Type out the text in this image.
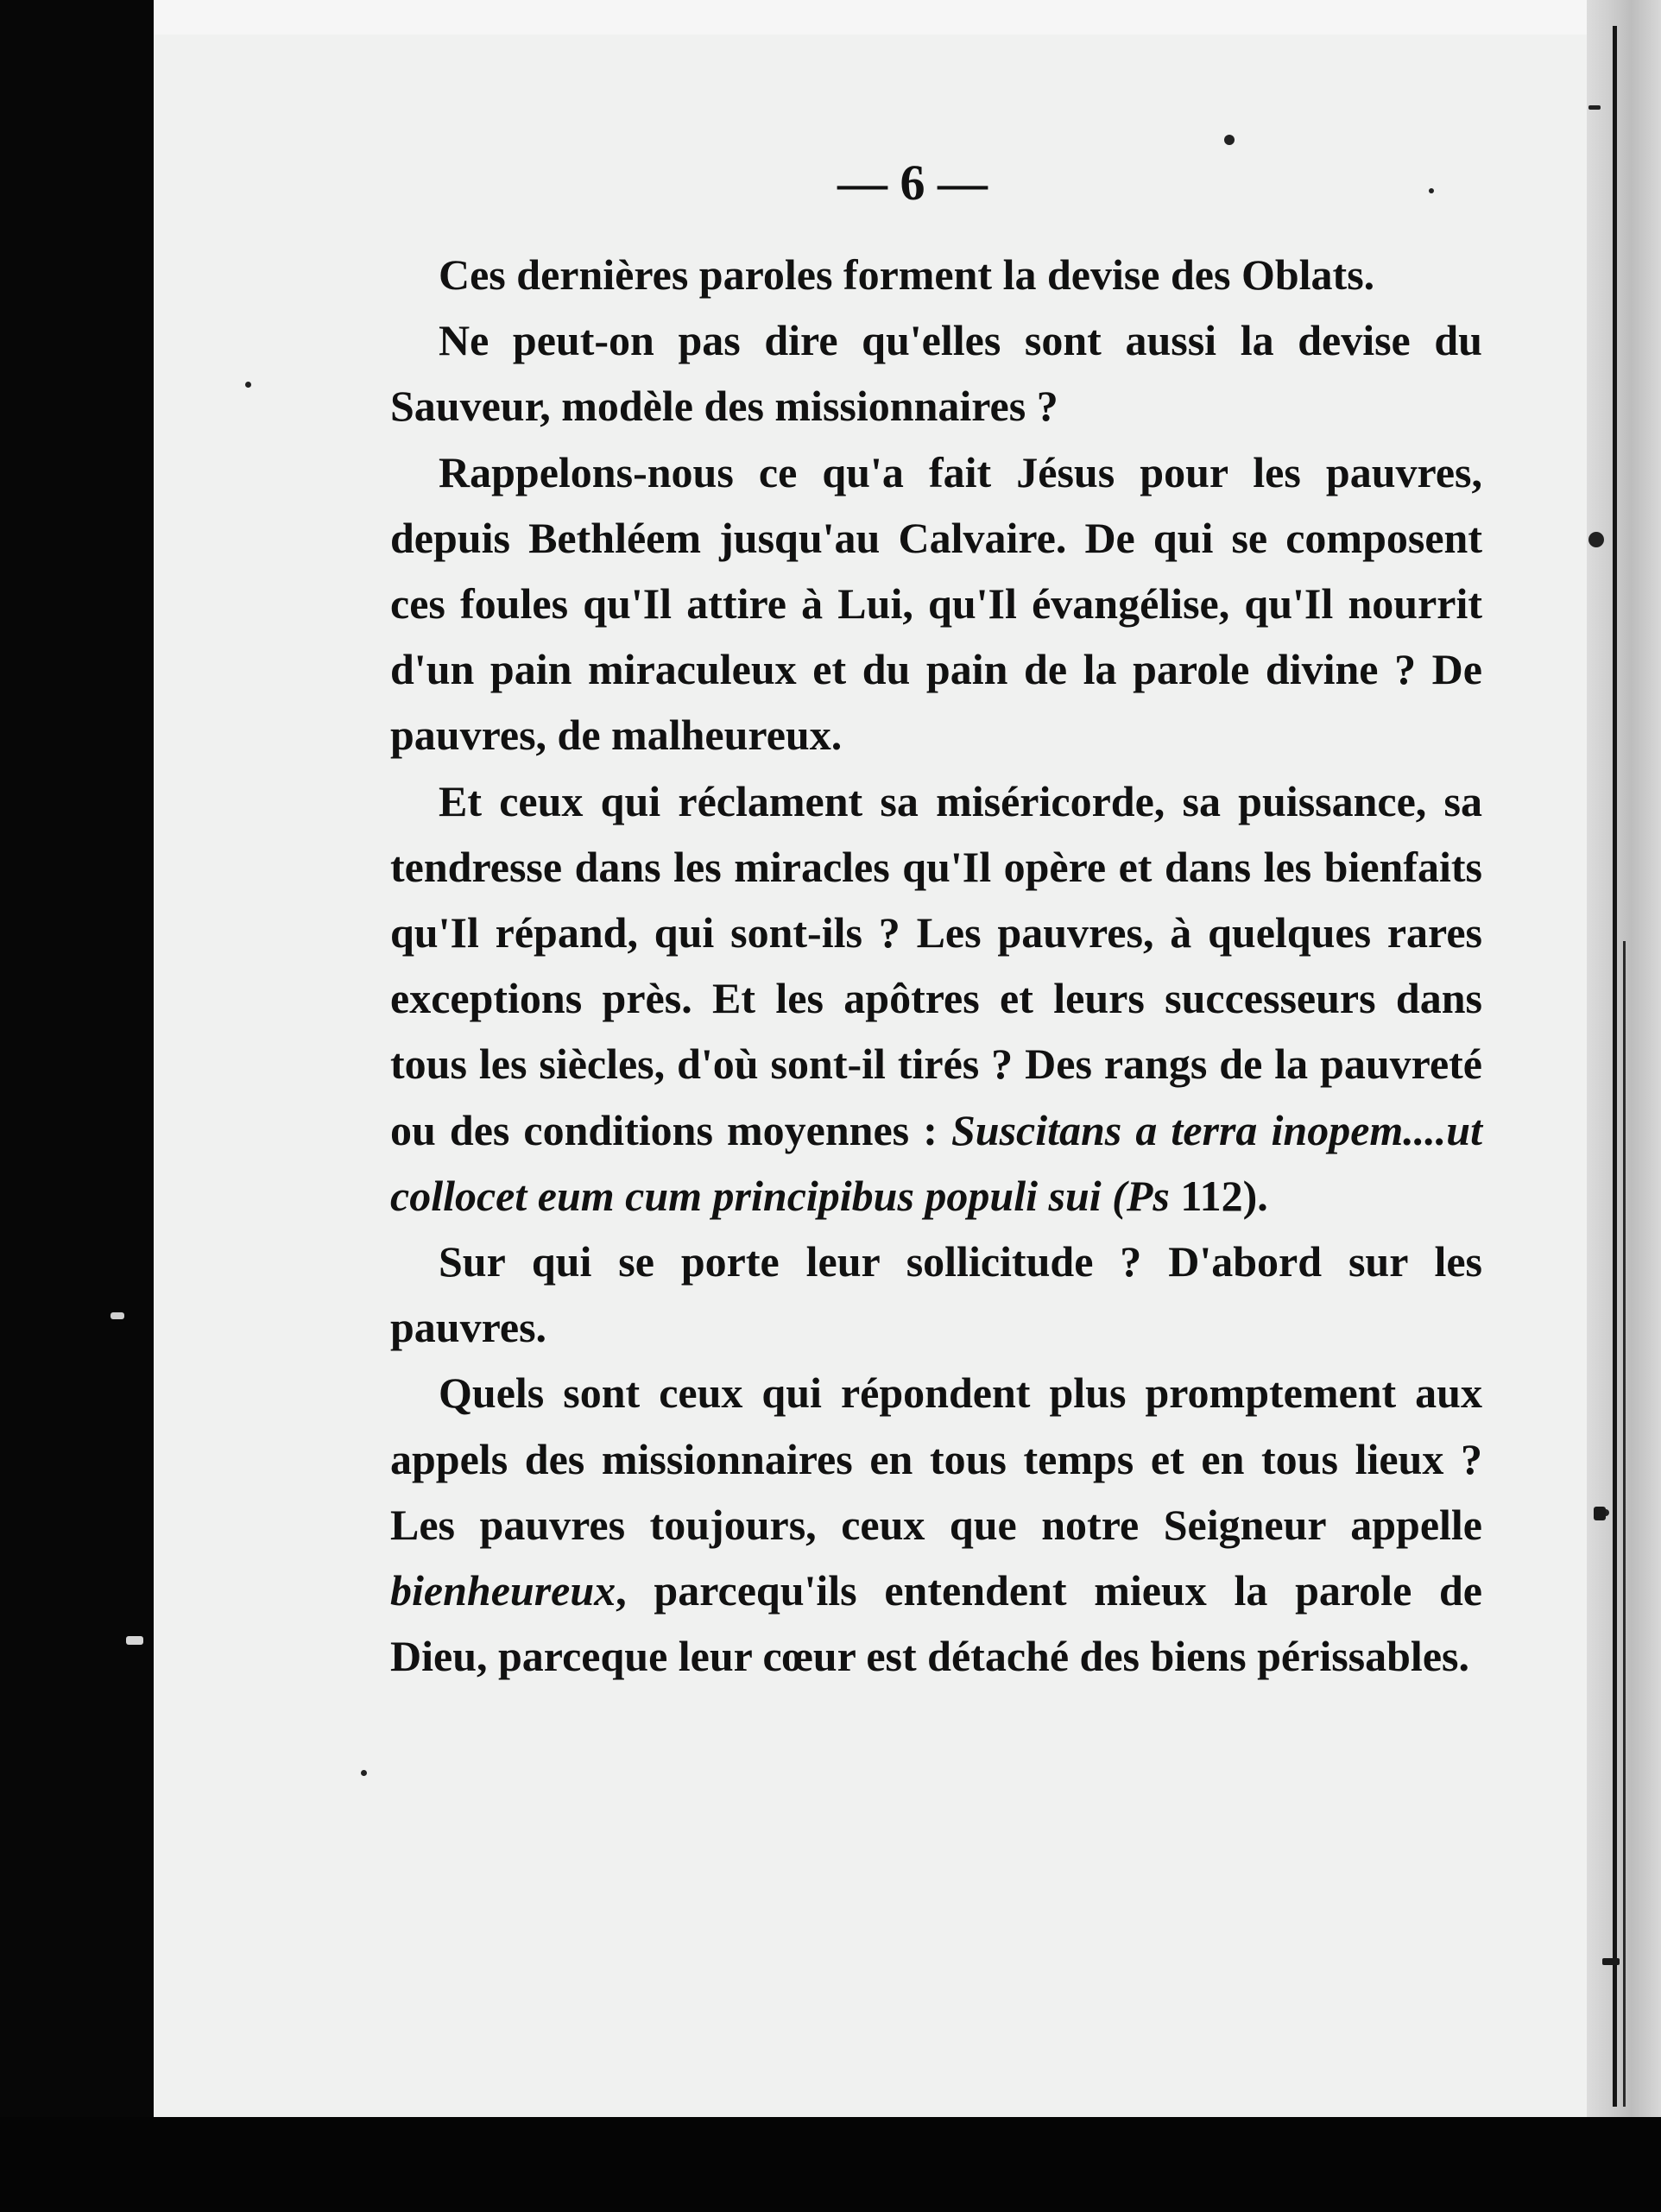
— 6 —

Ces dernières paroles forment la devise des Oblats.

Ne peut-on pas dire qu'elles sont aussi la devise du Sauveur, modèle des missionnaires ?

Rappelons-nous ce qu'a fait Jésus pour les pauvres, depuis Bethléem jusqu'au Calvaire. De qui se composent ces foules qu'Il attire à Lui, qu'Il évangélise, qu'Il nourrit d'un pain miraculeux et du pain de la parole divine ? De pauvres, de malheureux.

Et ceux qui réclament sa miséricorde, sa puissance, sa tendresse dans les miracles qu'Il opère et dans les bienfaits qu'Il répand, qui sont-ils ? Les pauvres, à quelques rares exceptions près. Et les apôtres et leurs successeurs dans tous les siècles, d'où sont-il tirés ? Des rangs de la pauvreté ou des conditions moyennes : Suscitans a terra inopem....ut collocet eum cum principibus populi sui (Ps 112).

Sur qui se porte leur sollicitude ? D'abord sur les pauvres.

Quels sont ceux qui répondent plus promptement aux appels des missionnaires en tous temps et en tous lieux ? Les pauvres toujours, ceux que notre Seigneur appelle bienheureux, parcequ'ils entendent mieux la parole de Dieu, parceque leur cœur est détaché des biens périssables.
